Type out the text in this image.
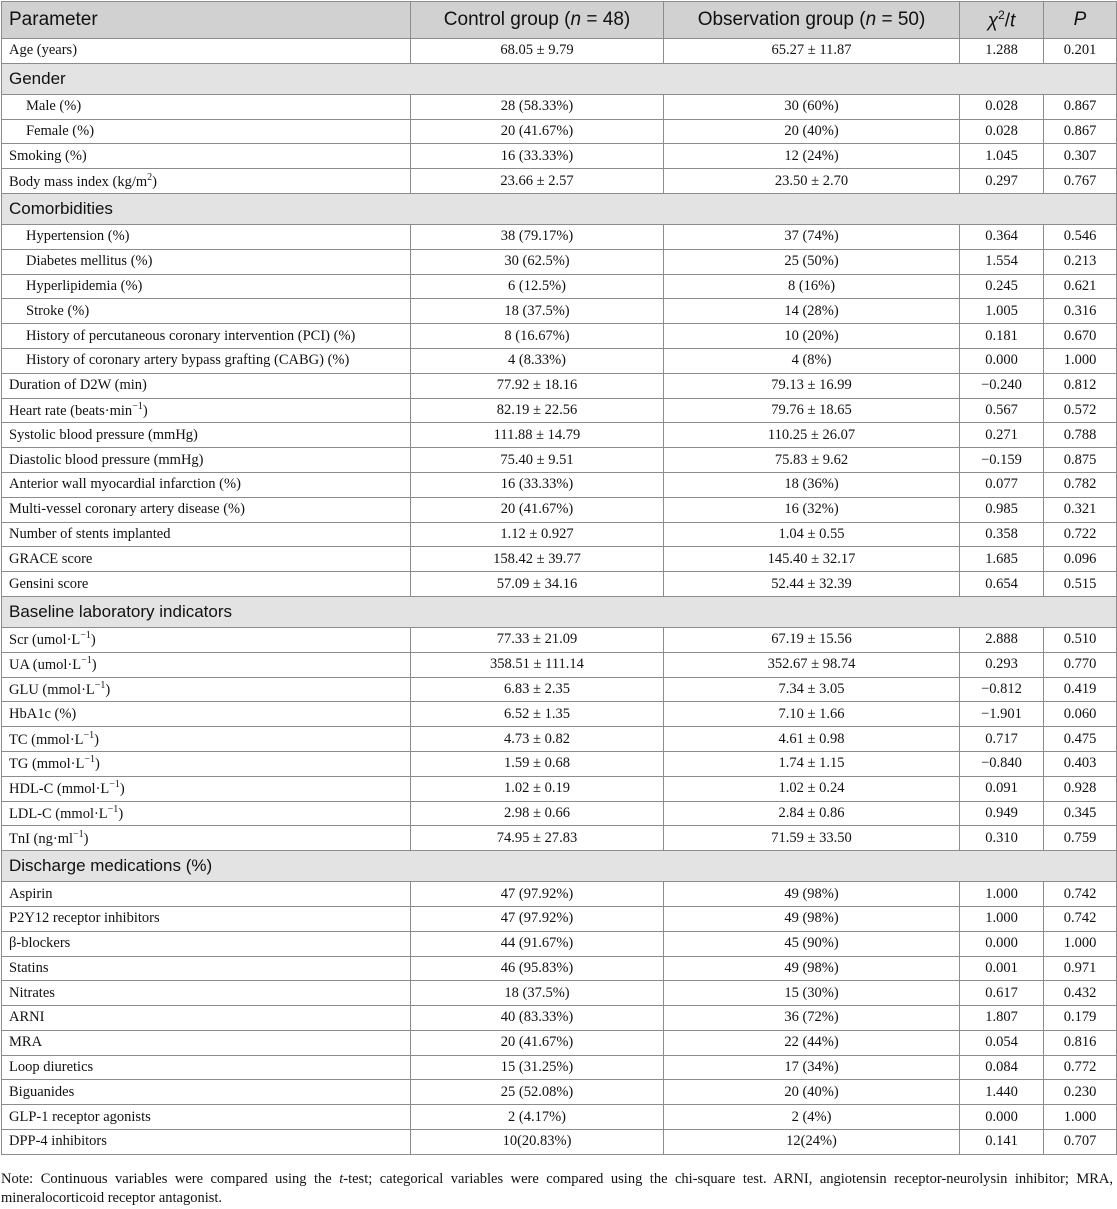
Parameter	Control group (n = 48)	Observation group (n = 50)	$\chi^2/t$	P
Age (years)	68.05 ± 9.79	65.27 ± 11.87	1.288	0.201
Gender				
Male (%)	28 (58.33%)	30 (60%)	0.028	0.867
Female (%)	20 (41.67%)	20 (40%)	0.028	0.867
Smoking (%)	16 (33.33%)	12 (24%)	1.045	0.307
Body mass index $(kg/m^2)$	23.66 ± 2.57	23.50 ± 2.70	0.297	0.767
Comorbidities				
Hypertension (%)	38 (79.17%)	37 (74%)	0.364	0.546
Diabetes mellitus (%)	30 (62.5%)	25 (50%)	1.554	0.213
Hyperlipidemia (%)	6 (12.5%)	8 (16%)	0.245	0.621
Stroke (%)	18 (37.5%)	14 (28%)	1.005	0.316
History of percutaneous coronary intervention (PCI) (%)	8 (16.67%)	10 (20%)	0.181	0.670
History of coronary artery bypass grafting (CABG) (%)	4 (8.33%)	4 (8%)	0.000	1.000
Duration of D2W (min)	77.92 ± 18.16	79.13 ± 16.99	−0.240	0.812
Heart rate $(beats\cdot\min^{-1})$	82.19 ± 22.56	79.76 ± 18.65	0.567	0.572
Systolic blood pressure (mmHg)	111.88 ± 14.79	110.25 ± 26.07	0.271	0.788
Diastolic blood pressure (mmHg)	75.40 ± 9.51	75.83 ± 9.62	−0.159	0.875
Anterior wall myocardial infarction (%)	16 (33.33%)	18 (36%)	0.077	0.782
Multi-vessel coronary artery disease (%)	20 (41.67%)	16 (32%)	0.985	0.321
Number of stents implanted	1.12 ± 0.927	1.04 ± 0.55	0.358	0.722
GRACE score	158.42 ± 39.77	145.40 ± 32.17	1.685	0.096
Gensini score	57.09 ± 34.16	52.44 ± 32.39	0.654	0.515
Baseline laboratory indicators				
Scr $(umol\cdot L^{-1})$	77.33 ± 21.09	67.19 ± 15.56	2.888	0.510
UA $(umol\cdot L^{-1})$	358.51 ± 111.14	352.67 ± 98.74	0.293	0.770
GLU $(mmol\cdot L^{-1})$	6.83 ± 2.35	7.34 ± 3.05	−0.812	0.419
HbA1c (%)	6.52 ± 1.35	7.10 ± 1.66	−1.901	0.060
TC $(mmol\cdot L^{-1})$	4.73 ± 0.82	4.61 ± 0.98	0.717	0.475
TG $(mmol\cdot L^{-1})$	1.59 ± 0.68	1.74 ± 1.15	−0.840	0.403
HDL-C $(mmol\cdot L^{-1})$	1.02 ± 0.19	1.02 ± 0.24	0.091	0.928
LDL-C $(mmol\cdot L^{-1})$	2.98 ± 0.66	2.84 ± 0.86	0.949	0.345
TnI $(ng\cdot ml^{-1})$	74.95 ± 27.83	71.59 ± 33.50	0.310	0.759
Discharge medications (%)				
Aspirin	47 (97.92%)	49 (98%)	1.000	0.742
P2Y12 receptor inhibitors	47 (97.92%)	49 (98%)	1.000	0.742
β-blockers	44 (91.67%)	45 (90%)	0.000	1.000
Statins	46 (95.83%)	49 (98%)	0.001	0.971
Nitrates	18 (37.5%)	15 (30%)	0.617	0.432
ARNI	40 (83.33%)	36 (72%)	1.807	0.179
MRA	20 (41.67%)	22 (44%)	0.054	0.816
Loop diuretics	15 (31.25%)	17 (34%)	0.084	0.772
Biguanides	25 (52.08%)	20 (40%)	1.440	0.230
GLP-1 receptor agonists	2 (4.17%)	2 (4%)	0.000	1.000
DPP-4 inhibitors	10(20.83%)	12(24%)	0.141	0.707
Note: Continuous variables were compared using the t-test; categorical variables were compared using the chi-square test. ARNI, angiotensin receptor-neurolysin inhibitor; MRA, mineralocorticoid receptor antagonist.
